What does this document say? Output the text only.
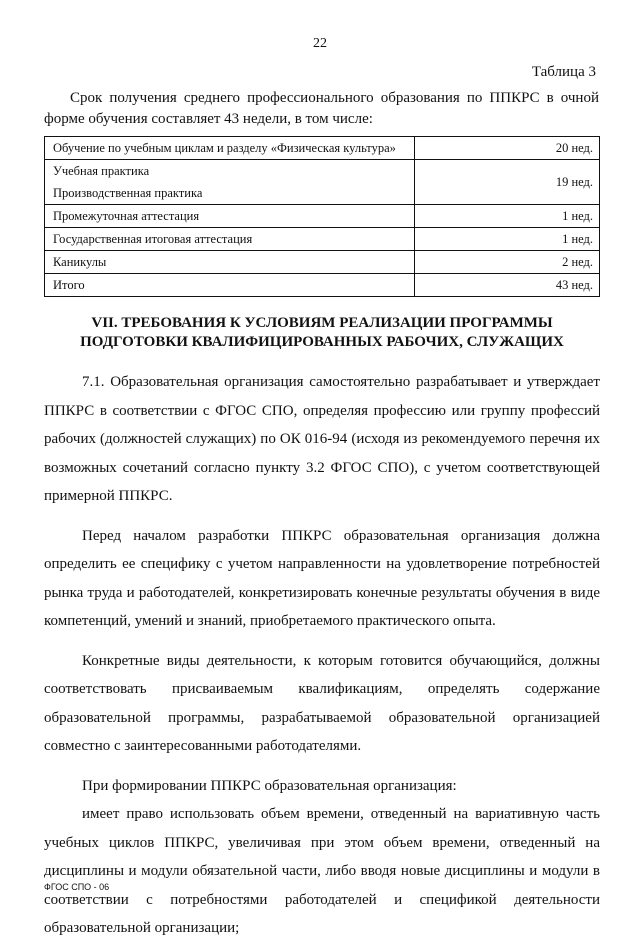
22
Таблица 3
Срок получения среднего профессионального образования по ППКРС в очной форме обучения составляет 43 недели, в том числе:
Обучение по учебным циклам и разделу «Физическая культура»	20 нед.
Учебная практика	19 нед.
Производственная практика	
Промежуточная аттестация	1 нед.
Государственная итоговая аттестация	1 нед.
Каникулы	2 нед.
Итого	43 нед.
VII. ТРЕБОВАНИЯ К УСЛОВИЯМ РЕАЛИЗАЦИИ ПРОГРАММЫ
ПОДГОТОВКИ КВАЛИФИЦИРОВАННЫХ РАБОЧИХ, СЛУЖАЩИХ

7.1. Образовательная организация самостоятельно разрабатывает и утверждает ППКРС в соответствии с ФГОС СПО, определяя профессию или группу профессий рабочих (должностей служащих) по ОК 016-94 (исходя из рекомендуемого перечня их возможных сочетаний согласно пункту 3.2 ФГОС СПО), с учетом соответствующей примерной ППКРС.

Перед началом разработки ППКРС образовательная организация должна определить ее специфику с учетом направленности на удовлетворение потребностей рынка труда и работодателей, конкретизировать конечные результаты обучения в виде компетенций, умений и знаний, приобретаемого практического опыта.

Конкретные виды деятельности, к которым готовится обучающийся, должны соответствовать присваиваемым квалификациям, определять содержание образовательной программы, разрабатываемой образовательной организацией совместно с заинтересованными работодателями.

При формировании ППКРС образовательная организация:

имеет право использовать объем времени, отведенный на вариативную часть учебных циклов ППКРС, увеличивая при этом объем времени, отведенный на дисциплины и модули обязательной части, либо вводя новые дисциплины и модули в соответствии с потребностями работодателей и спецификой деятельности образовательной организации;

ФГОС СПО - 06
